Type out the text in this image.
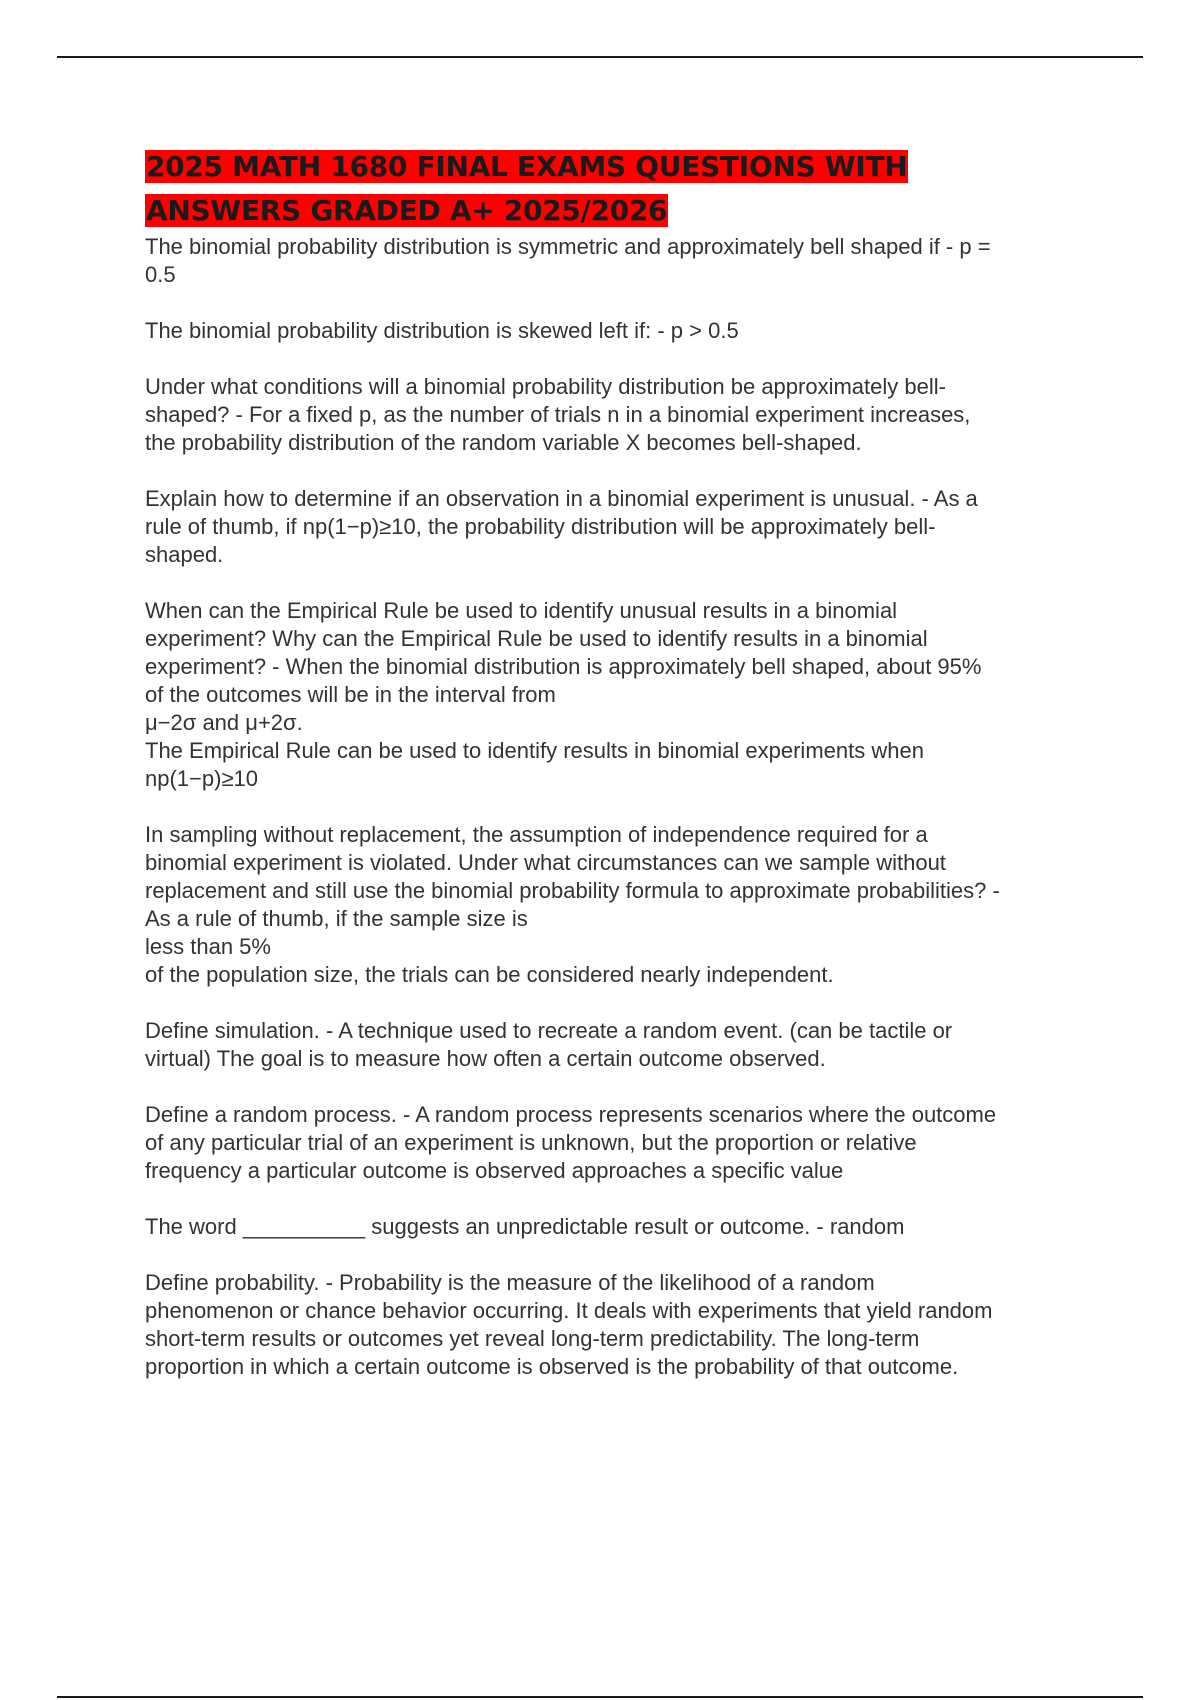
2025 MATH 1680 FINAL EXAMS QUESTIONS WITH
ANSWERS GRADED A+ 2025/2026

The binomial probability distribution is symmetric and approximately bell shaped if - p =
0.5

The binomial probability distribution is skewed left if: - p > 0.5

Under what conditions will a binomial probability distribution be approximately bell-
shaped? - For a fixed p, as the number of trials n in a binomial experiment increases,
the probability distribution of the random variable X becomes bell-shaped.

Explain how to determine if an observation in a binomial experiment is unusual. - As a
rule of thumb, if np(1−p)≥10, the probability distribution will be approximately bell-
shaped.

When can the Empirical Rule be used to identify unusual results in a binomial
experiment? Why can the Empirical Rule be used to identify results in a binomial
experiment? - When the binomial distribution is approximately bell shaped, about 95%
of the outcomes will be in the interval from
μ−2σ and μ+2σ.
The Empirical Rule can be used to identify results in binomial experiments when
np(1−p)≥10

In sampling without replacement, the assumption of independence required for a
binomial experiment is violated. Under what circumstances can we sample without
replacement and still use the binomial probability formula to approximate probabilities? -
As a rule of thumb, if the sample size is
less than 5%
of the population size, the trials can be considered nearly independent.

Define simulation. - A technique used to recreate a random event. (can be tactile or
virtual) The goal is to measure how often a certain outcome observed.

Define a random process. - A random process represents scenarios where the outcome
of any particular trial of an experiment is unknown, but the proportion or relative
frequency a particular outcome is observed approaches a specific value

The word __________ suggests an unpredictable result or outcome. - random

Define probability. - Probability is the measure of the likelihood of a random
phenomenon or chance behavior occurring. It deals with experiments that yield random
short-term results or outcomes yet reveal long-term predictability. The long-term
proportion in which a certain outcome is observed is the probability of that outcome.
